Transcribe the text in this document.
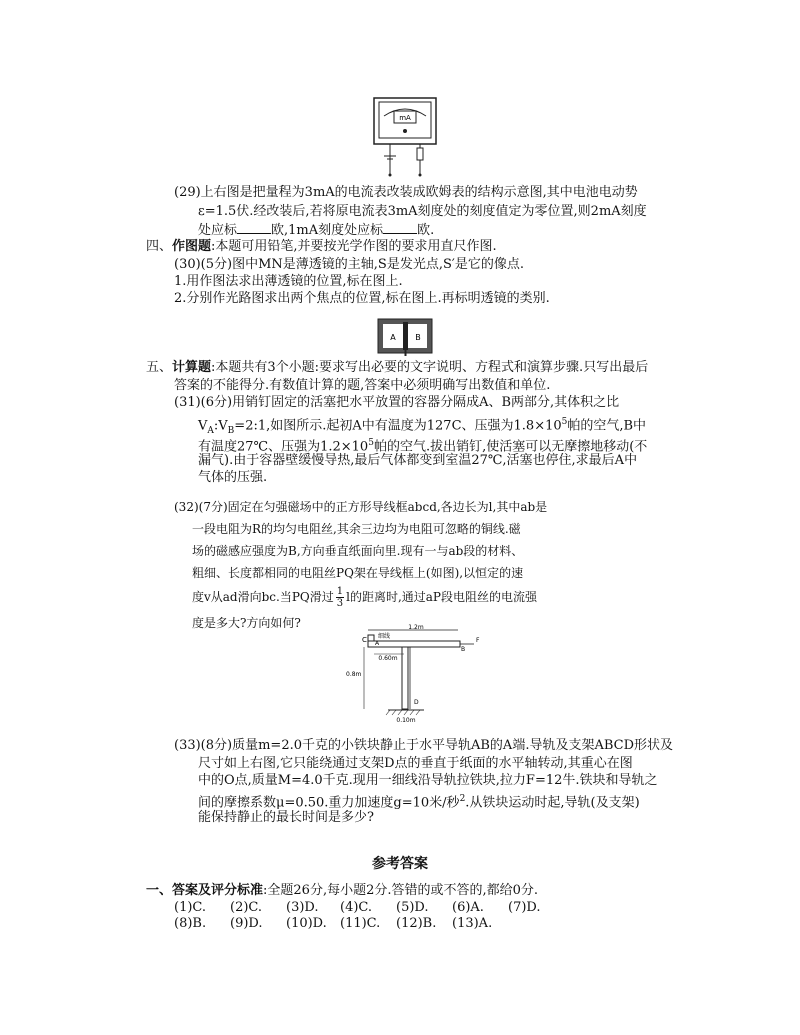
mA
(29)上右图是把量程为3mA的电流表改装成欧姆表的结构示意图,其中电池电动势
ε=1.5伏.经改装后,若将原电流表3mA刻度处的刻度值定为零位置,则2mA刻度
处应标	欧,1mA刻度处应标	欧.
四、作图题:本题可用铅笔,并要按光学作图的要求用直尺作图.
(30)(5分)图中MN是薄透镜的主轴,S是发光点,S′是它的像点.
1.用作图法求出薄透镜的位置,标在图上.
2.分别作光路图求出两个焦点的位置,标在图上.再标明透镜的类别.
A B
五、计算题:本题共有3个小题:要求写出必要的文字说明、方程式和演算步骤.只写出最后
答案的不能得分.有数值计算的题,答案中必须明确写出数值和单位.
(31)(6分)用销钉固定的活塞把水平放置的容器分隔成A、B两部分,其体积之比
$V_A:V_B=2:1$,如图所示.起初A中有温度为127C、压强为$1.8\times 10^5$帕的空气,B中
有温度27℃、压强为$1.2\times 10^5$帕的空气.拔出销钉,使活塞可以无摩擦地移动(不
漏气).由于容器壁缓慢导热,最后气体都变到室温27℃,活塞也停住,求最后A中
气体的压强.
(32)(7分)固定在匀强磁场中的正方形导线框abcd,各边长为l,其中ab是
一段电阻为R的均匀电阻丝,其余三边均为电阻可忽略的铜线.磁
场的磁感应强度为B,方向垂直纸面向里.现有一与ab段的材料、
粗细、长度都相同的电阻丝PQ架在导线框上(如图),以恒定的速
度v从ad滑向bc.当PQ滑过 $\frac{1}{3}$ l的距离时,通过aP段电阻丝的电流强
度是多大?方向如何?	1.2m
C A
细线
B
F
0.60m
0.8m
D
0.10m
(33)(8分)质量m=2.0千克的小铁块静止于水平导轨AB的A端.导轨及支架ABCD形状及
尺寸如上右图,它只能绕通过支架D点的垂直于纸面的水平轴转动,其重心在图
中的O点,质量M=4.0千克.现用一细线沿导轨拉铁块,拉力F=12牛.铁块和导轨之
间的摩擦系数μ=0.50.重力加速度g=10米/秒$^2$.从铁块运动时起,导轨(及支架)
能保持静止的最长时间是多少?
参考答案
一、答案及评分标准:全题26分,每小题2分.答错的或不答的,都给0分.
(1)C. (2)C. (3)D. (4)C. (5)D. (6)A. (7)D.
(8)B. (9)D. (10)D. (11)C. (12)B. (13)A.
